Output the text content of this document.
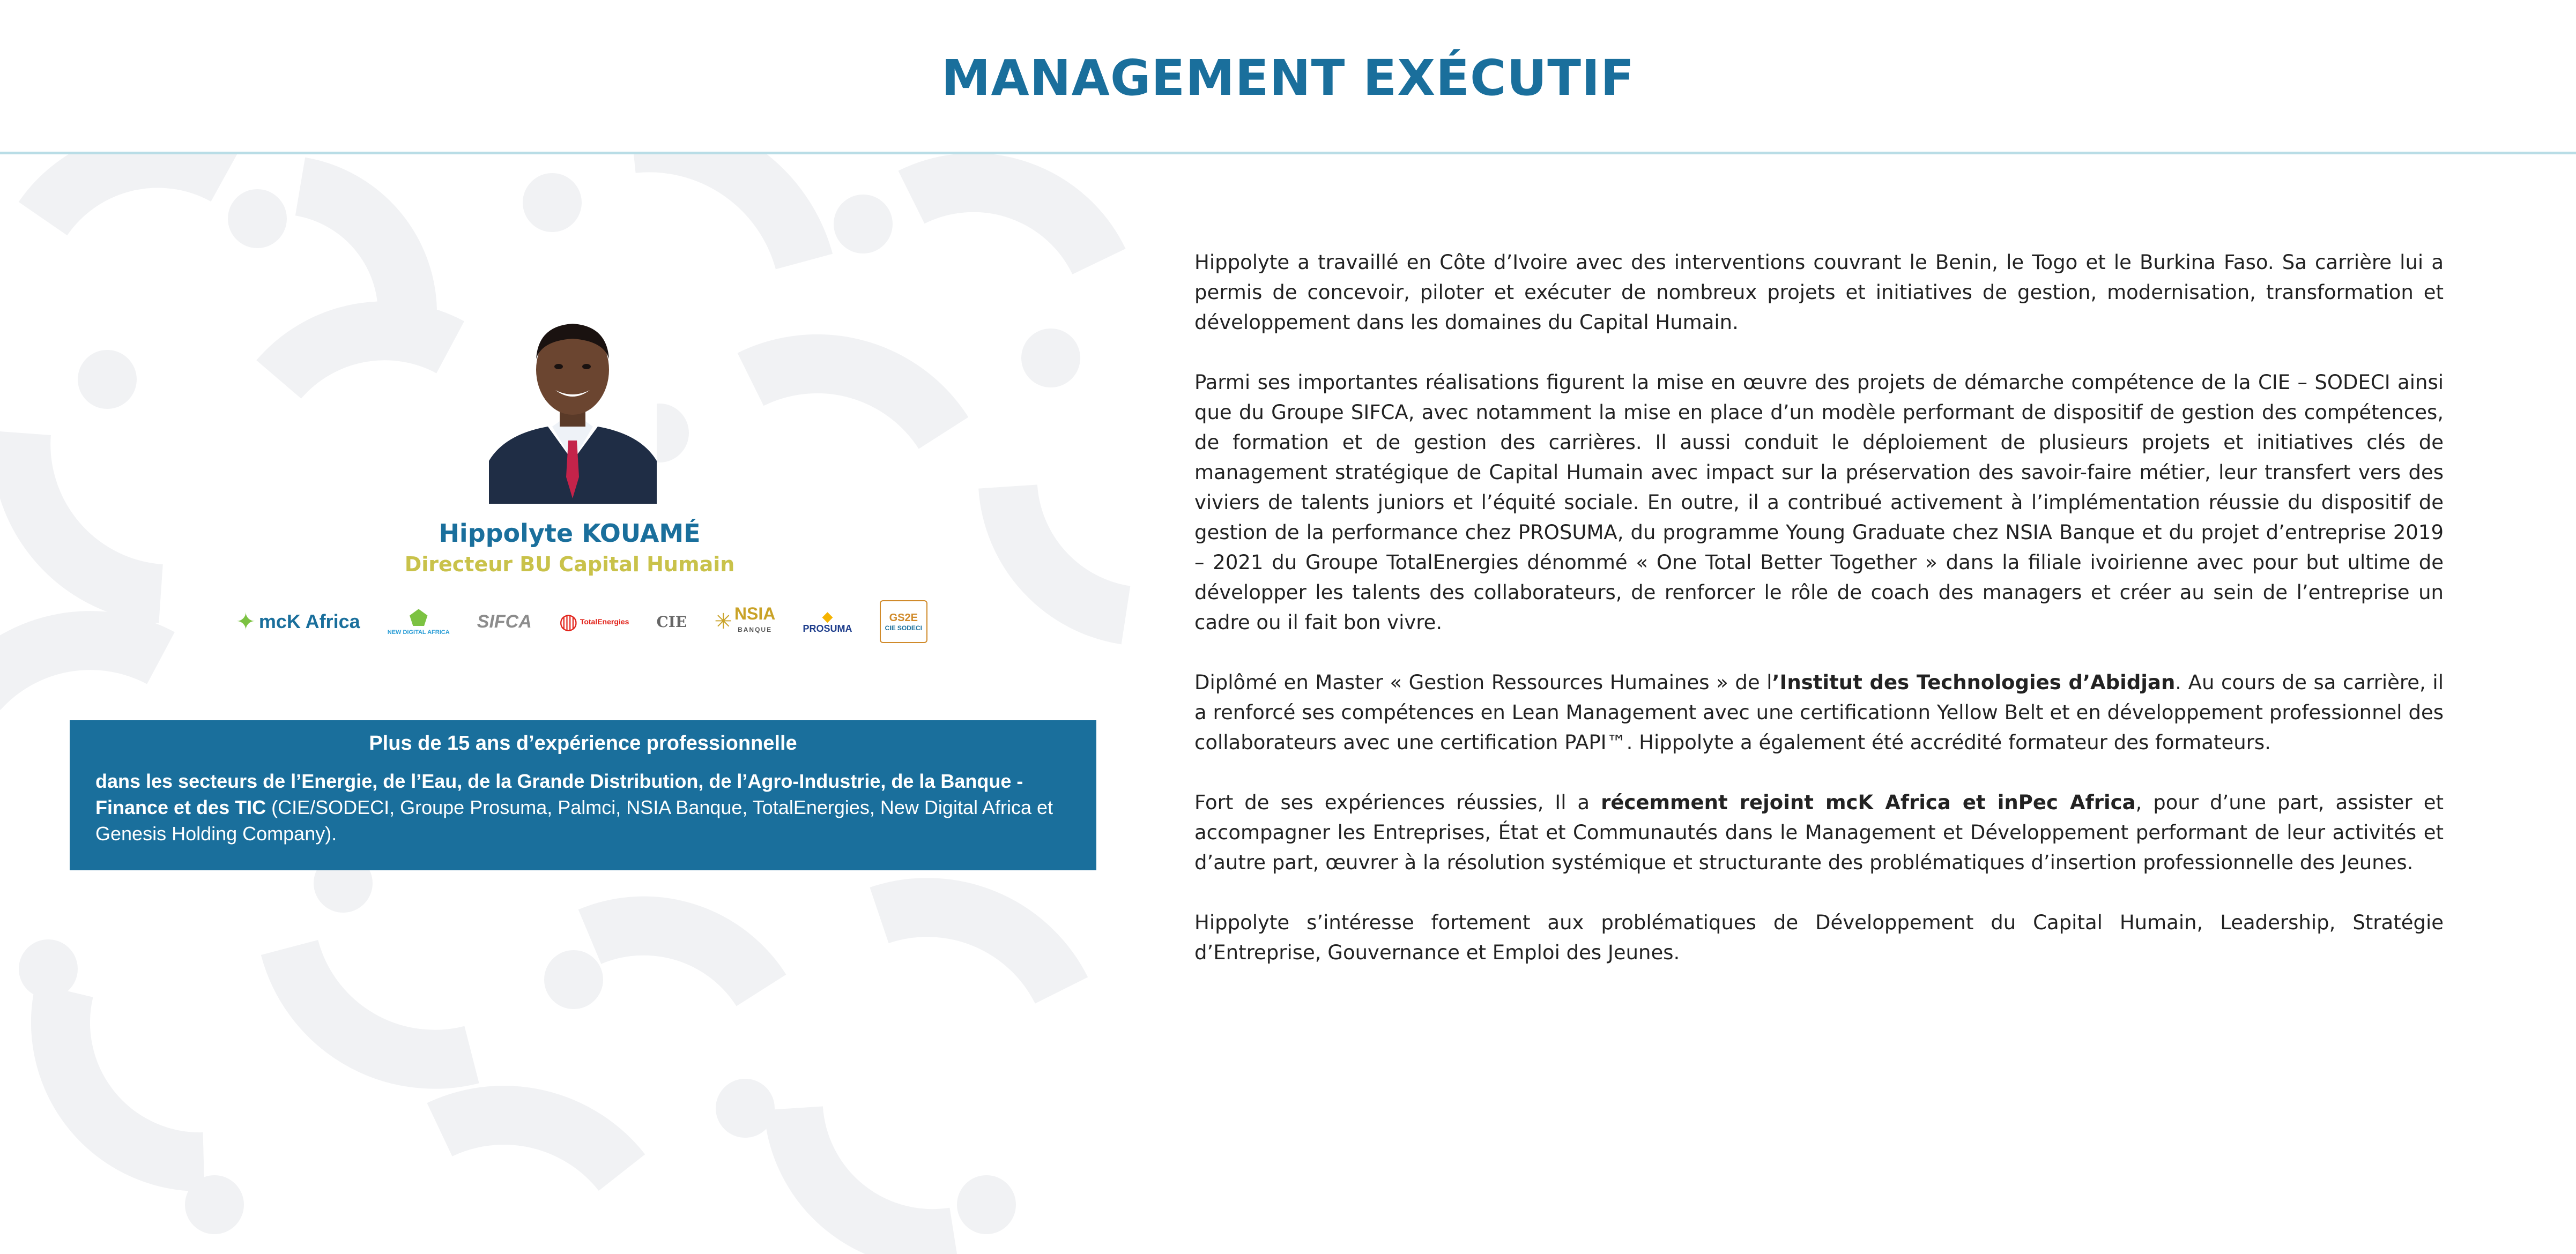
MANAGEMENT EXÉCUTIF
Hippolyte KOUAMÉ
Directeur BU Capital Humain
✦ mcK Africa ⬟
NEW DIGITAL AFRICA
SIFCA ◍ TotalEnergies CIE ✳ NSIA
BANQUE
◆
PROSUMA
GS2E
CIE SODECI

Plus de 15 ans d’expérience professionnelle

dans les secteurs de l’Energie, de l’Eau, de la Grande Distribution, de l’Agro-Industrie, de la Banque - Finance et des TIC (CIE/SODECI, Groupe Prosuma, Palmci, NSIA Banque, TotalEnergies, New Digital Africa et Genesis Holding Company).

Hippolyte a travaillé en Côte d’Ivoire avec des interventions couvrant le Benin, le Togo et le Burkina Faso. Sa carrière lui a permis de concevoir, piloter et exécuter de nombreux projets et initiatives de gestion, modernisation, transformation et développement dans les domaines du Capital Humain.

Parmi ses importantes réalisations figurent la mise en œuvre des projets de démarche compétence de la CIE – SODECI ainsi que du Groupe SIFCA, avec notamment la mise en place d’un modèle performant de dispositif de gestion des compétences, de formation et de gestion des carrières. Il aussi conduit le déploiement de plusieurs projets et initiatives clés de management stratégique de Capital Humain avec impact sur la préservation des savoir-faire métier, leur transfert vers des viviers de talents juniors et l’équité sociale. En outre, il a contribué activement à l’implémentation réussie du dispositif de gestion de la performance chez PROSUMA, du programme Young Graduate chez NSIA Banque et du projet d’entreprise 2019 – 2021 du Groupe TotalEnergies dénommé « One Total Better Together » dans la filiale ivoirienne avec pour but ultime de développer les talents des collaborateurs, de renforcer le rôle de coach des managers et créer au sein de l’entreprise un cadre ou il fait bon vivre.

Diplômé en Master « Gestion Ressources Humaines » de l’Institut des Technologies d’Abidjan. Au cours de sa carrière, il a renforcé ses compétences en Lean Management avec une certificationn Yellow Belt et en développement professionnel des collaborateurs avec une certification PAPI™. Hippolyte a également été accrédité formateur des formateurs.

Fort de ses expériences réussies, Il a récemment rejoint mcK Africa et inPec Africa, pour d’une part, assister et accompagner les Entreprises, État et Communautés dans le Management et Développement performant de leur activités et d’autre part, œuvrer à la résolution systémique et structurante des problématiques d’insertion professionnelle des Jeunes.

Hippolyte s’intéresse fortement aux problématiques de Développement du Capital Humain, Leadership, Stratégie d’Entreprise, Gouvernance et Emploi des Jeunes.
